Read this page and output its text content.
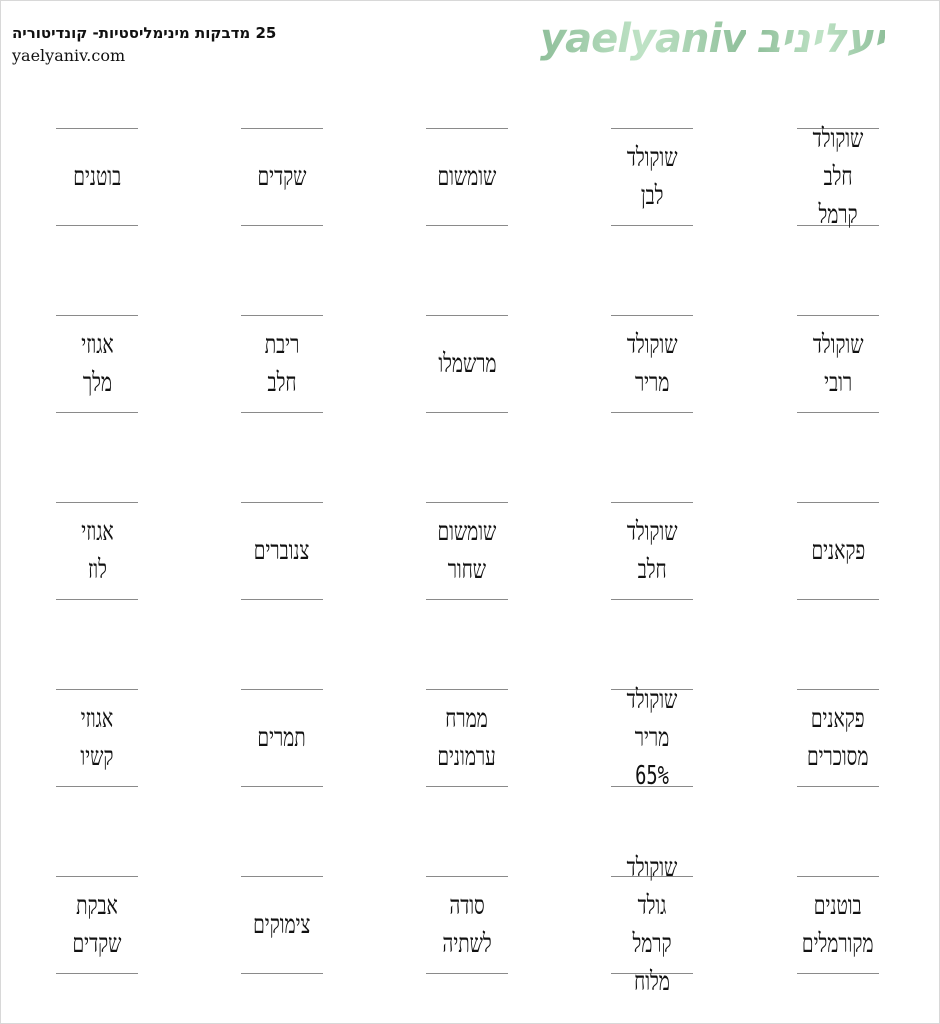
25 מדבקות מינימליסטיות- קונדיטוריה
yaelyaniv.com	yaelyaniv יעליניב
בוטנים	שקדים	שומשום
שוקולד
לבן
שוקולד חלב
קרמל
אגוזי
מלך
ריבת
חלב
מרשמלו
שוקולד
מריר
שוקולד
רובי
אגוזי
לוז
צנוברים
שומשום
שחור
שוקולד
חלב
פקאנים
אגוזי
קשיו
תמרים
ממרח
ערמונים
שוקולד מריר
65%
פקאנים
מסוכרים
אבקת
שקדים
צימוקים
סודה
לשתיה
שוקולד גולד
קרמל מלוח
בוטנים
מקורמלים
